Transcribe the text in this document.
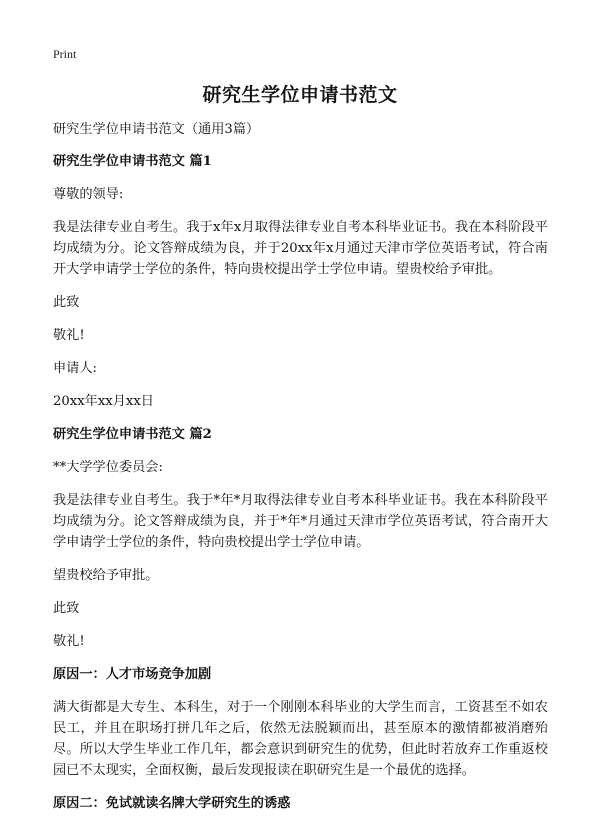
Print
研究生学位申请书范文

研究生学位申请书范文（通用3篇）

研究生学位申请书范文 篇1

尊敬的领导:

我是法律专业自考生。我于x年x月取得法律专业自考本科毕业证书。我在本科阶段平均成绩为分。论文答辩成绩为良，并于20xx年x月通过天津市学位英语考试，符合南开大学申请学士学位的条件，特向贵校提出学士学位申请。望贵校给予审批。

此致

敬礼!

申请人:

20xx年xx月xx日

研究生学位申请书范文 篇2

**大学学位委员会:

我是法律专业自考生。我于*年*月取得法律专业自考本科毕业证书。我在本科阶段平均成绩为分。论文答辩成绩为良，并于*年*月通过天津市学位英语考试，符合南开大学申请学士学位的条件，特向贵校提出学士学位申请。

望贵校给予审批。

此致

敬礼!

原因一：人才市场竞争加剧

满大街都是大专生、本科生，对于一个刚刚本科毕业的大学生而言，工资甚至不如农民工，并且在职场打拼几年之后，依然无法脱颖而出，甚至原本的激情都被消磨殆尽。所以大学生毕业工作几年，都会意识到研究生的优势，但此时若放弃工作重返校园已不太现实，全面权衡，最后发现报读在职研究生是一个最优的选择。

原因二：免试就读名牌大学研究生的诱惑
